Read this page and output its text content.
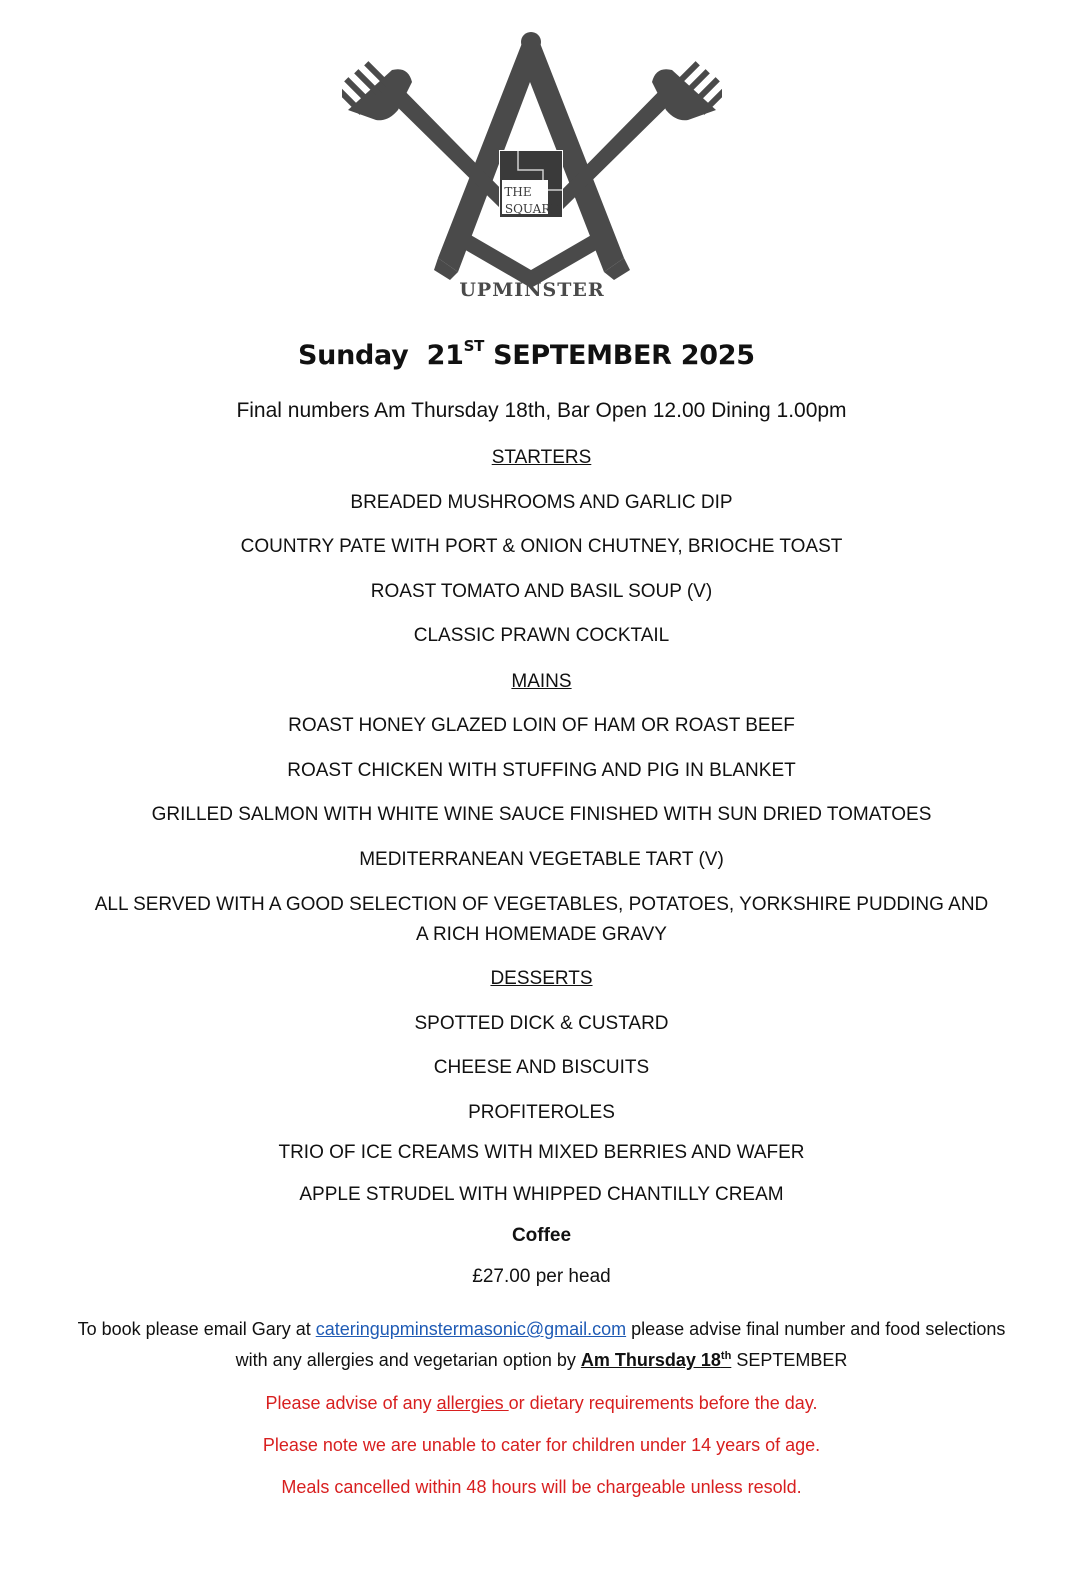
THE
SQUARE
UPMINSTER
Sunday 21ST SEPTEMBER 2025
Final numbers Am Thursday 18th, Bar Open 12.00 Dining 1.00pm
STARTERS
BREADED MUSHROOMS AND GARLIC DIP
COUNTRY PATE WITH PORT & ONION CHUTNEY, BRIOCHE TOAST
ROAST TOMATO AND BASIL SOUP (V)
CLASSIC PRAWN COCKTAIL
MAINS
ROAST HONEY GLAZED LOIN OF HAM OR ROAST BEEF
ROAST CHICKEN WITH STUFFING AND PIG IN BLANKET
GRILLED SALMON WITH WHITE WINE SAUCE FINISHED WITH SUN DRIED TOMATOES
MEDITERRANEAN VEGETABLE TART (V)
ALL SERVED WITH A GOOD SELECTION OF VEGETABLES, POTATOES, YORKSHIRE PUDDING AND A RICH HOMEMADE GRAVY
DESSERTS
SPOTTED DICK & CUSTARD
CHEESE AND BISCUITS
PROFITEROLES
TRIO OF ICE CREAMS WITH MIXED BERRIES AND WAFER
APPLE STRUDEL WITH WHIPPED CHANTILLY CREAM
Coffee
£27.00 per head
To book please email Gary at cateringupminstermasonic@gmail.com please advise final number and food selections with any allergies and vegetarian option by Am Thursday 18th SEPTEMBER
Please advise of any allergies or dietary requirements before the day.
Please note we are unable to cater for children under 14 years of age.
Meals cancelled within 48 hours will be chargeable unless resold.
